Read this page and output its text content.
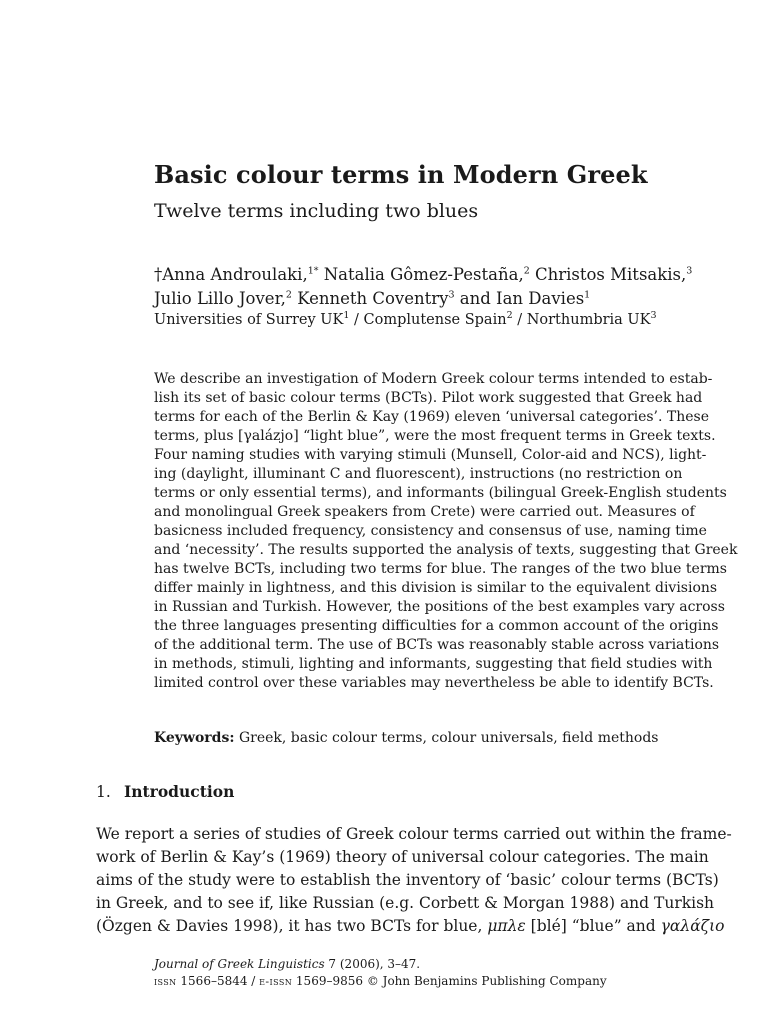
Basic colour terms in Modern Greek
Twelve terms including two blues
†Anna Androulaki,$^{1*}$ Natalia Gômez-Pestaña,$^2$ Christos Mitsakis,$^3$
Julio Lillo Jover,$^2$ Kenneth Coventry$^3$ and Ian Davies$^1$
Universities of Surrey $UK^1$ / Complutense Spain$^2$ / Northumbria $UK^3$
We describe an investigation of Modern Greek colour terms intended to estab-
lish its set of basic colour terms (BCTs). Pilot work suggested that Greek had
terms for each of the Berlin & Kay (1969) eleven ‘universal categories’. These
terms, plus [γalázjo] “light blue”, were the most frequent terms in Greek texts.
Four naming studies with varying stimuli (Munsell, Color-aid and NCS), light-
ing (daylight, illuminant C and fluorescent), instructions (no restriction on
terms or only essential terms), and informants (bilingual Greek-English students
and monolingual Greek speakers from Crete) were carried out. Measures of
basicness included frequency, consistency and consensus of use, naming time
and ‘necessity’. The results supported the analysis of texts, suggesting that Greek
has twelve BCTs, including two terms for blue. The ranges of the two blue terms
differ mainly in lightness, and this division is similar to the equivalent divisions
in Russian and Turkish. However, the positions of the best examples vary across
the three languages presenting difficulties for a common account of the origins
of the additional term. The use of BCTs was reasonably stable across variations
in methods, stimuli, lighting and informants, suggesting that field studies with
limited control over these variables may nevertheless be able to identify BCTs.
Keywords: Greek, basic colour terms, colour universals, field methods
1. Introduction
We report a series of studies of Greek colour terms carried out within the frame-
work of Berlin & Kay’s (1969) theory of universal colour categories. The main
aims of the study were to establish the inventory of ‘basic’ colour terms (BCTs)
in Greek, and to see if, like Russian (e.g. Corbett & Morgan 1988) and Turkish
(Özgen & Davies 1998), it has two BCTs for blue, μπλε [blé] “blue” and γαλάζιο
Journal of Greek Linguistics 7 (2006), 3–47.
issn 1566–5844 / e-issn 1569–9856 © John Benjamins Publishing Company
